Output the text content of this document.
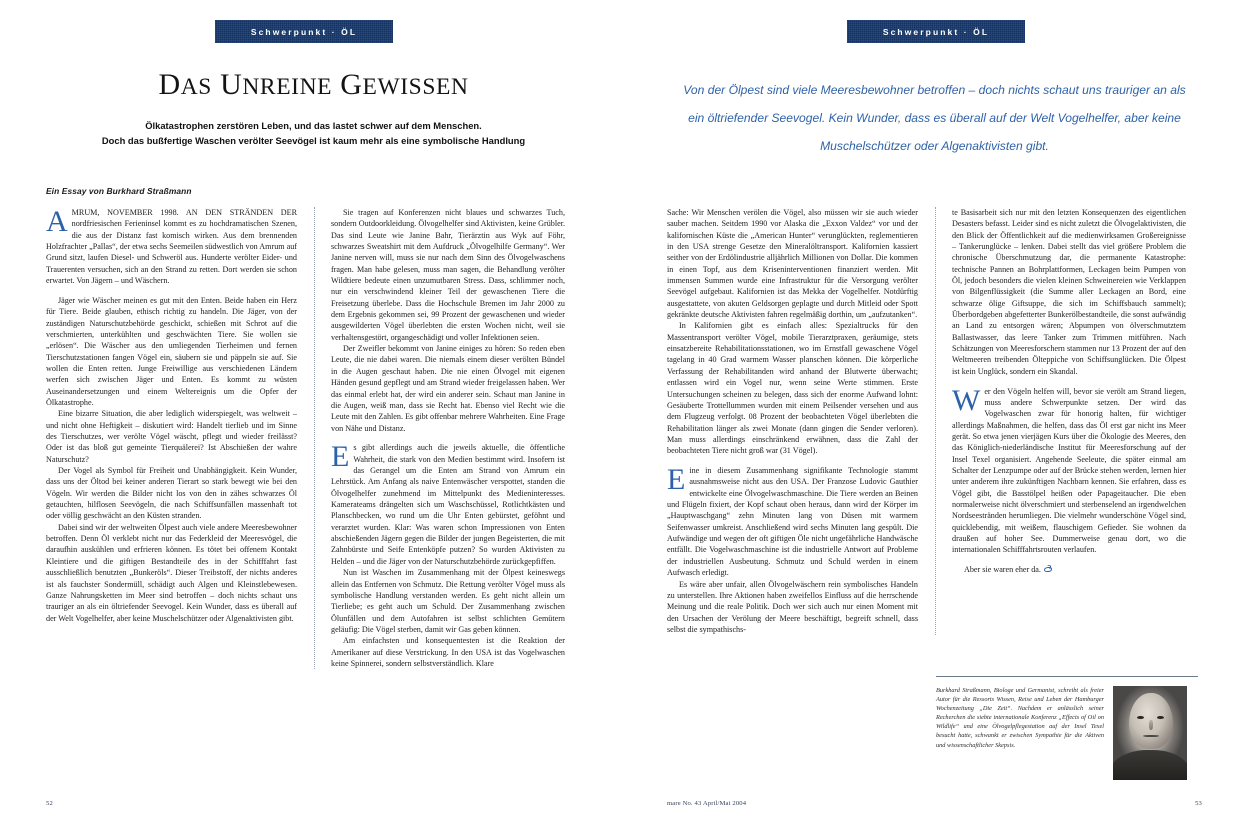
Schwerpunkt · ÖL
DAS UNREINE GEWISSEN
Ölkatastrophen zerstören Leben, und das lastet schwer auf dem Menschen.
Doch das bußfertige Waschen verölter Seevögel ist kaum mehr als eine symbolische Handlung
Ein Essay von Burkhard Straßmann

AMRUM, NOVEMBER 1998. AN DEN STRÄNDEN DER nordfriesischen Ferieninsel kommt es zu hochdramatischen Szenen, die aus der Distanz fast komisch wirken. Aus dem brennenden Holzfrachter „Pallas“, der etwa sechs Seemeilen südwestlich von Amrum auf Grund sitzt, laufen Diesel- und Schweröl aus. Hunderte verölter Eider- und Trauerenten versuchen, sich an den Strand zu retten. Dort werden sie schon erwartet. Von Jägern – und Wäschern.

Jäger wie Wäscher meinen es gut mit den Enten. Beide haben ein Herz für Tiere. Beide glauben, ethisch richtig zu handeln. Die Jäger, von der zuständigen Naturschutzbehörde geschickt, schießen mit Schrot auf die verschmierten, unterkühlten und geschwächten Tiere. Sie wollen sie „erlösen“. Die Wäscher aus den umliegenden Tierheimen und fernen Tierschutzstationen fangen Vögel ein, säubern sie und päppeln sie auf. Sie wollen die Enten retten. Junge Freiwillige aus verschiedenen Ländern werfen sich zwischen Jäger und Enten. Es kommt zu wüsten Auseinandersetzungen und einem Weltereignis um die Opfer der Ölkatastrophe.

Eine bizarre Situation, die aber lediglich widerspiegelt, was weltweit – und nicht ohne Heftigkeit – diskutiert wird: Handelt tierlieb und im Sinne des Tierschutzes, wer verölte Vögel wäscht, pflegt und wieder freilässt? Oder ist das bloß gut gemeinte Tierquälerei? Ist Abschießen der wahre Naturschutz?

Der Vogel als Symbol für Freiheit und Unabhängigkeit. Kein Wunder, dass uns der Öltod bei keiner anderen Tierart so stark bewegt wie bei den Vögeln. Wir werden die Bilder nicht los von den in zähes schwarzes Öl getauchten, hilflosen Seevögeln, die nach Schiffsunfällen massenhaft tot oder völlig geschwächt an den Küsten stranden.

Dabei sind wir der weltweiten Ölpest auch viele andere Meeresbewohner betroffen. Denn Öl verklebt nicht nur das Federkleid der Meeresvögel, die daraufhin auskühlen und erfrieren können. Es tötet bei offenem Kontakt Kleintiere und die giftigen Bestandteile des in der Schifffahrt fast ausschließlich benutzten „Bunkeröls“. Dieser Treibstoff, der nichts anderes ist als fauchster Sondermüll, schädigt auch Algen und Kleinstlebewesen. Ganze Nahrungsketten im Meer sind betroffen – doch nichts schaut uns trauriger an als ein öltriefender Seevogel. Kein Wunder, dass es überall auf der Welt Vogelhelfer, aber keine Muschelschützer oder Algenaktivisten gibt.

Sie tragen auf Konferenzen nicht blaues und schwarzes Tuch, sondern Outdoorkleidung. Ölvogelhelfer sind Aktivisten, keine Grübler. Das sind Leute wie Janine Bahr, Tierärztin aus Wyk auf Föhr, schwarzes Sweatshirt mit dem Aufdruck „Ölvogelhilfe Germany“. Wer Janine nerven will, muss sie nur nach dem Sinn des Ölvogelwaschens fragen. Man habe gelesen, muss man sagen, die Behandlung verölter Wildtiere bedeute einen unzumutbaren Stress. Dass, schlimmer noch, nur ein verschwindend kleiner Teil der gewaschenen Tiere die Freisetzung überlebe. Dass die Hochschule Bremen im Jahr 2000 zu dem Ergebnis gekommen sei, 99 Prozent der gewaschenen und wieder ausgewilderten Vögel überlebten die ersten Wochen nicht, weil sie verhaltensgestört, organgeschädigt und voller Infektionen seien.

Der Zweifler bekommt von Janine einiges zu hören: So reden eben Leute, die nie dabei waren. Die niemals einem dieser verölten Bündel in die Augen geschaut haben. Die nie einen Ölvogel mit eigenen Händen gesund gepflegt und am Strand wieder freigelassen haben. Wer das einmal erlebt hat, der wird ein anderer sein. Schaut man Janine in die Augen, weiß man, dass sie Recht hat. Ebenso viel Recht wie die Leute mit den Zahlen. Es gibt offenbar mehrere Wahrheiten. Eine Frage von Nähe und Distanz.

Es gibt allerdings auch die jeweils aktuelle, die öffentliche Wahrheit, die stark von den Medien bestimmt wird. Insofern ist das Gerangel um die Enten am Strand von Amrum ein Lehrstück. Am Anfang als naive Entenwäscher verspottet, standen die Ölvogelhelfer zunehmend im Mittelpunkt des Medieninteresses. Kamerateams drängelten sich um Waschschüssel, Rotlichtkästen und Planschbecken, wo rund um die Uhr Enten gebürstet, geföhnt und verarztet wurden. Klar: Was waren schon Impressionen von Enten abschießenden Jägern gegen die Bilder der jungen Begeisterten, die mit Zahnbürste und Seife Entenköpfe putzen? So wurden Aktivisten zu Helden – und die Jäger von der Naturschutzbehörde zurückgepfiffen.

Nun ist Waschen im Zusammenhang mit der Ölpest keineswegs allein das Entfernen von Schmutz. Die Rettung verölter Vögel muss als symbolische Handlung verstanden werden. Es geht nicht allein um Tierliebe; es geht auch um Schuld. Der Zusammenhang zwischen Ölunfällen und dem Autofahren ist selbst schlichten Gemütern geläufig: Die Vögel sterben, damit wir Gas geben können.

Am einfachsten und konsequentesten ist die Reaktion der Amerikaner auf diese Verstrickung. In den USA ist das Vogelwaschen keine Spinnerei, sondern selbstverständlich. Klare

52
Schwerpunkt · ÖL

Von der Ölpest sind viele Meeresbewohner betroffen – doch nichts schaut uns trauriger an als ein öltriefender Seevogel. Kein Wunder, dass es überall auf der Welt Vogelhelfer, aber keine Muschelschützer oder Algenaktivisten gibt.

Sache: Wir Menschen verölen die Vögel, also müssen wir sie auch wieder sauber machen. Seitdem 1990 vor Alaska die „Exxon Valdez“ vor und der kalifornischen Küste die „American Hunter“ verunglückten, reglementieren in den USA strenge Gesetze den Mineralöltransport. Kalifornien kassiert seither von der Erdölindustrie alljährlich Millionen von Dollar. Die kommen in einen Topf, aus dem Kriseninterventionen finanziert werden. Mit immensen Summen wurde eine Infrastruktur für die Versorgung verölter Seevögel aufgebaut. Kalifornien ist das Mekka der Vogelhelfer. Notdürftig ausgestattete, von akuten Geldsorgen geplagte und durch Mitleid oder Spott gekränkte deutsche Aktivisten fahren regelmäßig dorthin, um „aufzutanken“.

In Kalifornien gibt es einfach alles: Spezialtrucks für den Massentransport verölter Vögel, mobile Tierarztpraxen, geräumige, stets einsatzbereite Rehabilitationsstationen, wo im Ernstfall gewaschene Vögel tagelang in 40 Grad warmem Wasser planschen können. Die körperliche Verfassung der Rehabilitanden wird anhand der Blutwerte überwacht; entlassen wird ein Vogel nur, wenn seine Werte stimmen. Erste Untersuchungen scheinen zu belegen, dass sich der enorme Aufwand lohnt: Gesäuberte Trottellummen wurden mit einem Peilsender versehen und aus dem Flugzeug verfolgt. 08 Prozent der beobachteten Vögel überlebten die Rehabilitation länger als zwei Monate (dann gingen die Sender verloren). Man muss allerdings einschränkend erwähnen, dass die Zahl der beobachteten Tiere nicht groß war (31 Vögel).

Eine in diesem Zusammenhang signifikante Technologie stammt ausnahmsweise nicht aus den USA. Der Franzose Ludovic Gauthier entwickelte eine Ölvogelwaschmaschine. Die Tiere werden an Beinen und Flügeln fixiert, der Kopf schaut oben heraus, dann wird der Körper im „Hauptwaschgang“ zehn Minuten lang von Düsen mit warmem Seifenwasser umkreist. Anschließend wird sechs Minuten lang gespült. Die Aufwändige und wegen der oft giftigen Öle nicht ungefährliche Handwäsche entfällt. Die Vogelwaschmaschine ist die industrielle Antwort auf Probleme der industriellen Ausbeutung. Schmutz und Schuld werden in einem Aufwasch erledigt.

Es wäre aber unfair, allen Ölvogelwäschern rein symbolisches Handeln zu unterstellen. Ihre Aktionen haben zweifellos Einfluss auf die herrschende Meinung und die reale Politik. Doch wer sich auch nur einen Moment mit den Ursachen der Verölung der Meere beschäftigt, begreift schnell, dass selbst die sympathischs-

te Basisarbeit sich nur mit den letzten Konsequenzen des eigentlichen Desasters befasst. Leider sind es nicht zuletzt die Ölvogelaktivisten, die den Blick der Öffentlichkeit auf die medienwirksamen Großereignisse – Tankerunglücke – lenken. Dabei stellt das viel größere Problem die chronische Überschmutzung dar, die permanente Katastrophe: technische Pannen an Bohrplattformen, Leckagen beim Pumpen von Öl, jedoch besonders die vielen kleinen Schweinereien wie Verklappen von Bilgenflüssigkeit (die Summe aller Leckagen an Bord, eine schwarze ölige Giftsuppe, die sich im Schiffsbauch sammelt); Überbordgeben abgefetterter Bunkerölbestandteile, die sonst aufwändig an Land zu entsorgen wären; Abpumpen von ölverschmutztem Ballastwasser, das leere Tanker zum Trimmen mitführen. Nach Schätzungen von Meeresforschern stammen nur 13 Prozent der auf den Weltmeeren treibenden Ölteppiche von Schiffsunglücken. Die Ölpest ist kein Unglück, sondern ein Skandal.

Wer den Vögeln helfen will, bevor sie verölt am Strand liegen, muss andere Schwerpunkte setzen. Der wird das Vogelwaschen zwar für honorig halten, für wichtiger allerdings Maßnahmen, die helfen, dass das Öl erst gar nicht ins Meer gerät. So etwa jenen vierjägen Kurs über die Ökologie des Meeres, den das Königlich-niederländische Institut für Meeresforschung auf der Insel Texel organisiert. Angehende Seeleute, die später einmal am Schalter der Lenzpumpe oder auf der Brücke stehen werden, lernen hier unter anderem ihre zukünftigen Nachbarn kennen. Sie erfahren, dass es Vögel gibt, die Basstölpel heißen oder Papageitaucher. Die eben normalerweise nicht ölverschmiert und sterbenselend an irgendwelchen Nordseestränden herumliegen. Die vielmehr wunderschöne Vögel sind, quicklebendig, mit weißem, flauschigem Gefieder. Sie wohnen da draußen auf hoher See. Dummerweise genau dort, wo die internationalen Schifffahrtsrouten verlaufen.

Aber sie waren eher da.

Burkhard Straßmann, Biologe und Germanist, schreibt als freier Autor für die Ressorts Wissen, Reise und Leben der Hamburger Wochenzeitung „Die Zeit“. Nachdem er anlässlich seiner Recherchen die siebte internationale Konferenz „Effects of Oil on Wildlife“ und eine Ölvogelpflegestation auf der Insel Texel besucht hatte, schwankt er zwischen Sympathie für die Aktiven und wissenschaftlicher Skepsis.
mare No. 43 April/Mai 2004	53
